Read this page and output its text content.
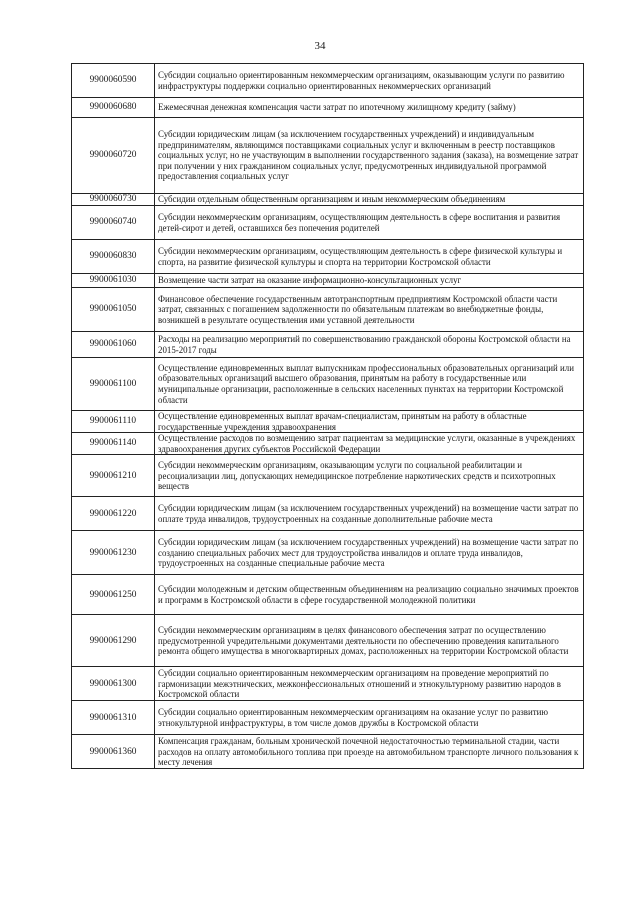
34
9900060590	Субсидии социально ориентированным некоммерческим организациям, оказывающим услуги по развитию инфраструктуры поддержки социально ориентированных некоммерческих организаций
9900060680	Ежемесячная денежная компенсация части затрат по ипотечному жилищному кредиту (займу)
9900060720	Субсидии юридическим лицам (за исключением государственных учреждений) и индивидуальным предпринимателям, являющимся поставщиками социальных услуг и включенным в реестр поставщиков социальных услуг, но не участвующим в выполнении государственного задания (заказа), на возмещение затрат при получении у них гражданином социальных услуг, предусмотренных индивидуальной программой предоставления социальных услуг
9900060730	Субсидии отдельным общественным организациям и иным некоммерческим объединениям
9900060740	Субсидии некоммерческим организациям, осуществляющим деятельность в сфере воспитания и развития детей-сирот и детей, оставшихся без попечения родителей
9900060830	Субсидии некоммерческим организациям, осуществляющим деятельность в сфере физической культуры и спорта, на развитие физической культуры и спорта на территории Костромской области
9900061030	Возмещение части затрат на оказание информационно-консультационных услуг
9900061050	Финансовое обеспечение государственным автотранспортным предприятиям Костромской области части затрат, связанных с погашением задолженности по обязательным платежам во внебюджетные фонды, возникшей в результате осуществления ими уставной деятельности
9900061060	Расходы на реализацию мероприятий по совершенствованию гражданской обороны Костромской области на 2015-2017 годы
9900061100	Осуществление единовременных выплат выпускникам профессиональных образовательных организаций или образовательных организаций высшего образования, принятым на работу в государственные или муниципальные организации, расположенные в сельских населенных пунктах на территории Костромской области
9900061110	Осуществление единовременных выплат врачам-специалистам, принятым на работу в областные государственные учреждения здравоохранения
9900061140	Осуществление расходов по возмещению затрат пациентам за медицинские услуги, оказанные в учреждениях здравоохранения других субъектов Российской Федерации
9900061210	Субсидии некоммерческим организациям, оказывающим услуги по социальной реабилитации и ресоциализации лиц, допускающих немедицинское потребление наркотических средств и психотропных веществ
9900061220	Субсидии юридическим лицам (за исключением государственных учреждений) на возмещение части затрат по оплате труда инвалидов, трудоустроенных на созданные дополнительные рабочие места
9900061230	Субсидии юридическим лицам (за исключением государственных учреждений) на возмещение части затрат по созданию специальных рабочих мест для трудоустройства инвалидов и оплате труда инвалидов, трудоустроенных на созданные специальные рабочие места
9900061250	Субсидии молодежным и детским общественным объединениям на реализацию социально значимых проектов и программ в Костромской области в сфере государственной молодежной политики
9900061290	Субсидии некоммерческим организациям в целях финансового обеспечения затрат по осуществлению предусмотренной учредительными документами деятельности по обеспечению проведения капитального ремонта общего имущества в многоквартирных домах, расположенных на территории Костромской области
9900061300	Субсидии социально ориентированным некоммерческим организациям на проведение мероприятий по гармонизации межэтнических, межконфессиональных отношений и этнокультурному развитию народов в Костромской области
9900061310	Субсидии социально ориентированным некоммерческим организациям на оказание услуг по развитию этнокультурной инфраструктуры, в том числе домов дружбы в Костромской области
9900061360	Компенсация гражданам, больным хронической почечной недостаточностью терминальной стадии, части расходов на оплату автомобильного топлива при проезде на автомобильном транспорте личного пользования к месту лечения
